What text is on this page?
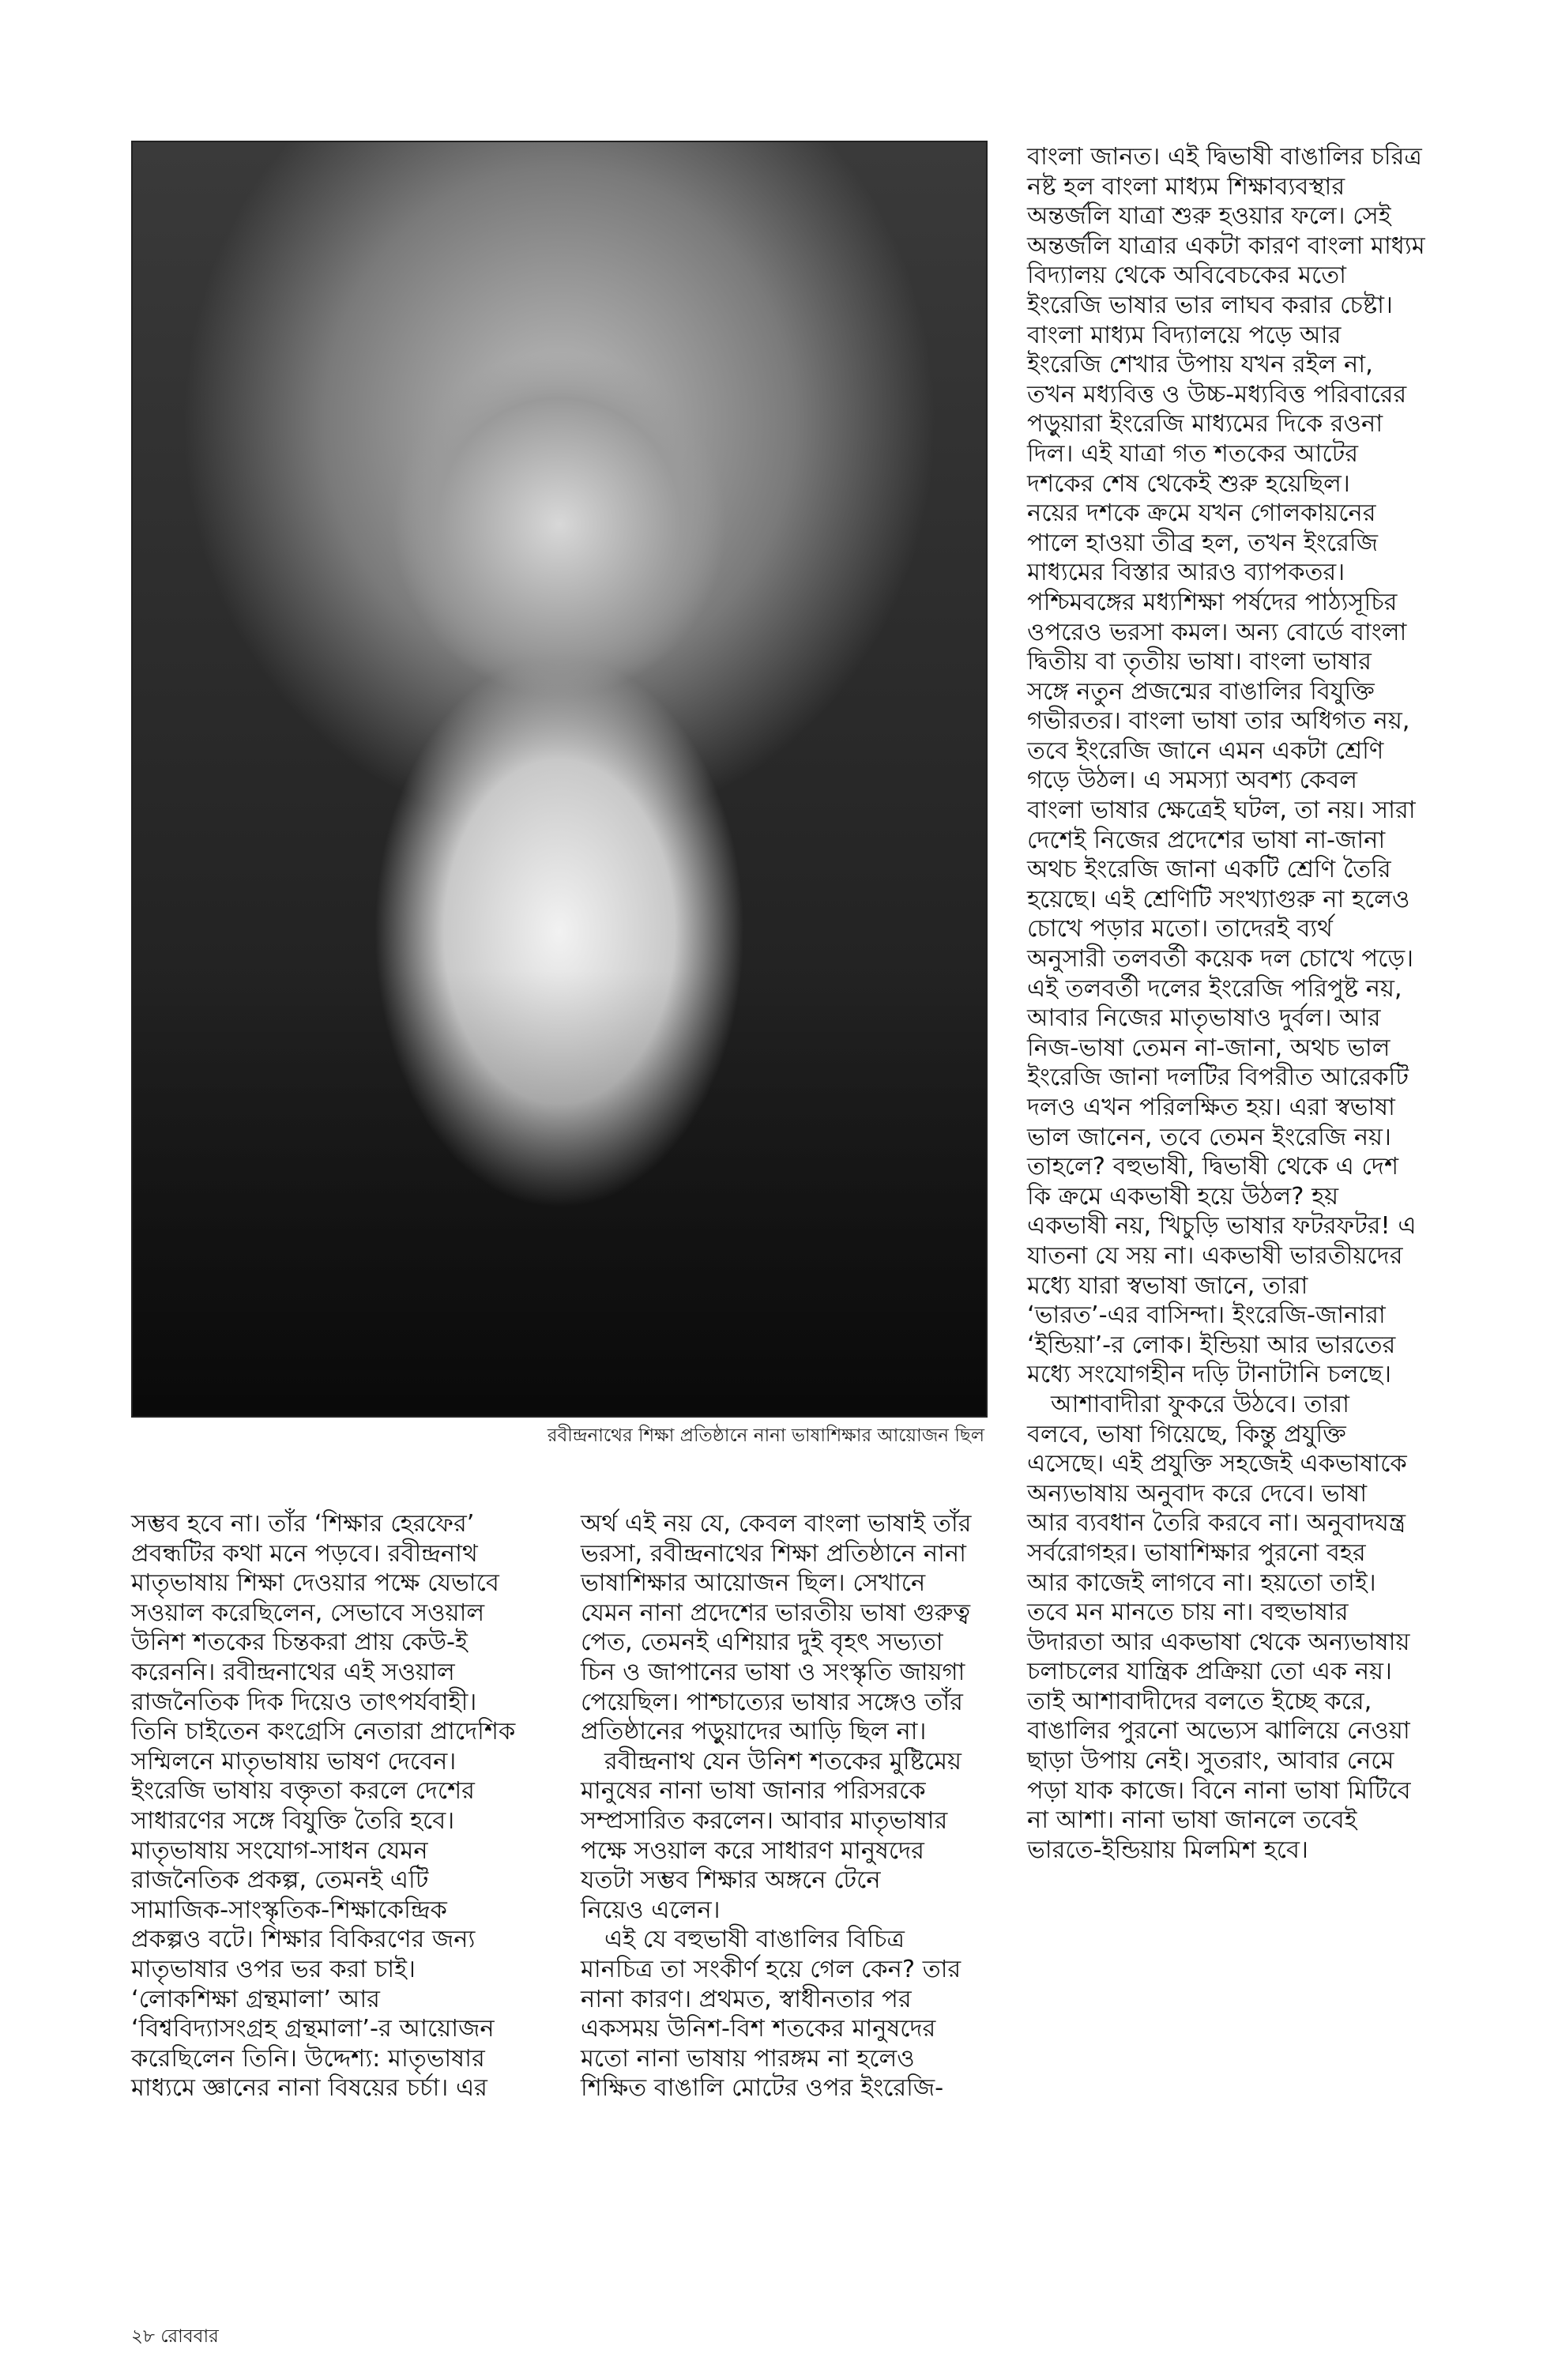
রবীন্দ্রনাথের শিক্ষা প্রতিষ্ঠানে নানা ভাষাশিক্ষার আয়োজন ছিল
বাংলা জানত। এই দ্বিভাষী বাঙালির চরিত্র
নষ্ট হল বাংলা মাধ্যম শিক্ষাব্যবস্থার
অন্তর্জলি যাত্রা শুরু হওয়ার ফলে। সেই
অন্তর্জলি যাত্রার একটা কারণ বাংলা মাধ্যম
বিদ্যালয় থেকে অবিবেচকের মতো
ইংরেজি ভাষার ভার লাঘব করার চেষ্টা।
বাংলা মাধ্যম বিদ্যালয়ে পড়ে আর
ইংরেজি শেখার উপায় যখন রইল না,
তখন মধ্যবিত্ত ও উচ্চ-মধ্যবিত্ত পরিবারের
পড়ুয়ারা ইংরেজি মাধ্যমের দিকে রওনা
দিল। এই যাত্রা গত শতকের আটের
দশকের শেষ থেকেই শুরু হয়েছিল।
নয়ের দশকে ক্রমে যখন গোলকায়নের
পালে হাওয়া তীব্র হল, তখন ইংরেজি
মাধ্যমের বিস্তার আরও ব্যাপকতর।
পশ্চিমবঙ্গের মধ্যশিক্ষা পর্ষদের পাঠ্যসূচির
ওপরেও ভরসা কমল। অন্য বোর্ডে বাংলা
দ্বিতীয় বা তৃতীয় ভাষা। বাংলা ভাষার
সঙ্গে নতুন প্রজন্মের বাঙালির বিযুক্তি
গভীরতর। বাংলা ভাষা তার অধিগত নয়,
তবে ইংরেজি জানে এমন একটা শ্রেণি
গড়ে উঠল। এ সমস্যা অবশ্য কেবল
বাংলা ভাষার ক্ষেত্রেই ঘটল, তা নয়। সারা
দেশেই নিজের প্রদেশের ভাষা না-জানা
অথচ ইংরেজি জানা একটি শ্রেণি তৈরি
হয়েছে। এই শ্রেণিটি সংখ্যাগুরু না হলেও
চোখে পড়ার মতো। তাদেরই ব্যর্থ
অনুসারী তলবর্তী কয়েক দল চোখে পড়ে।
এই তলবর্তী দলের ইংরেজি পরিপুষ্ট নয়,
আবার নিজের মাতৃভাষাও দুর্বল। আর
নিজ-ভাষা তেমন না-জানা, অথচ ভাল
ইংরেজি জানা দলটির বিপরীত আরেকটি
দলও এখন পরিলক্ষিত হয়। এরা স্বভাষা
ভাল জানেন, তবে তেমন ইংরেজি নয়।
তাহলে? বহুভাষী, দ্বিভাষী থেকে এ দেশ
কি ক্রমে একভাষী হয়ে উঠল? হয়
একভাষী নয়, খিচুড়ি ভাষার ফটরফটর! এ
যাতনা যে সয় না। একভাষী ভারতীয়দের
মধ্যে যারা স্বভাষা জানে, তারা
‘ভারত’-এর বাসিন্দা। ইংরেজি-জানারা
‘ইন্ডিয়া’-র লোক। ইন্ডিয়া আর ভারতের
মধ্যে সংযোগহীন দড়ি টানাটানি চলছে।
আশাবাদীরা ফুকরে উঠবে। তারা
বলবে, ভাষা গিয়েছে, কিন্তু প্রযুক্তি
এসেছে। এই প্রযুক্তি সহজেই একভাষাকে
অন্যভাষায় অনুবাদ করে দেবে। ভাষা
আর ব্যবধান তৈরি করবে না। অনুবাদযন্ত্র
সর্বরোগহর। ভাষাশিক্ষার পুরনো বহর
আর কাজেই লাগবে না। হয়তো তাই।
তবে মন মানতে চায় না। বহুভাষার
উদারতা আর একভাষা থেকে অন্যভাষায়
চলাচলের যান্ত্রিক প্রক্রিয়া তো এক নয়।
তাই আশাবাদীদের বলতে ইচ্ছে করে,
বাঙালির পুরনো অভ্যেস ঝালিয়ে নেওয়া
ছাড়া উপায় নেই। সুতরাং, আবার নেমে
পড়া যাক কাজে। বিনে নানা ভাষা মিটিবে
না আশা। নানা ভাষা জানলে তবেই
ভারতে-ইন্ডিয়ায় মিলমিশ হবে।
সম্ভব হবে না। তাঁর ‘শিক্ষার হেরফের’
প্রবন্ধটির কথা মনে পড়বে। রবীন্দ্রনাথ
মাতৃভাষায় শিক্ষা দেওয়ার পক্ষে যেভাবে
সওয়াল করেছিলেন, সেভাবে সওয়াল
উনিশ শতকের চিন্তকরা প্রায় কেউ-ই
করেননি। রবীন্দ্রনাথের এই সওয়াল
রাজনৈতিক দিক দিয়েও তাৎপর্যবাহী।
তিনি চাইতেন কংগ্রেসি নেতারা প্রাদেশিক
সম্মিলনে মাতৃভাষায় ভাষণ দেবেন।
ইংরেজি ভাষায় বক্তৃতা করলে দেশের
সাধারণের সঙ্গে বিযুক্তি তৈরি হবে।
মাতৃভাষায় সংযোগ-সাধন যেমন
রাজনৈতিক প্রকল্প, তেমনই এটি
সামাজিক-সাংস্কৃতিক-শিক্ষাকেন্দ্রিক
প্রকল্পও বটে। শিক্ষার বিকিরণের জন্য
মাতৃভাষার ওপর ভর করা চাই।
‘লোকশিক্ষা গ্রন্থমালা’ আর
‘বিশ্ববিদ্যাসংগ্রহ গ্রন্থমালা’-র আয়োজন
করেছিলেন তিনি। উদ্দেশ্য: মাতৃভাষার
মাধ্যমে জ্ঞানের নানা বিষয়ের চর্চা। এর
অর্থ এই নয় যে, কেবল বাংলা ভাষাই তাঁর
ভরসা, রবীন্দ্রনাথের শিক্ষা প্রতিষ্ঠানে নানা
ভাষাশিক্ষার আয়োজন ছিল। সেখানে
যেমন নানা প্রদেশের ভারতীয় ভাষা গুরুত্ব
পেত, তেমনই এশিয়ার দুই বৃহৎ সভ্যতা
চিন ও জাপানের ভাষা ও সংস্কৃতি জায়গা
পেয়েছিল। পাশ্চাত্যের ভাষার সঙ্গেও তাঁর
প্রতিষ্ঠানের পড়ুয়াদের আড়ি ছিল না।
রবীন্দ্রনাথ যেন উনিশ শতকের মুষ্টিমেয়
মানুষের নানা ভাষা জানার পরিসরকে
সম্প্রসারিত করলেন। আবার মাতৃভাষার
পক্ষে সওয়াল করে সাধারণ মানুষদের
যতটা সম্ভব শিক্ষার অঙ্গনে টেনে
নিয়েও এলেন।
এই যে বহুভাষী বাঙালির বিচিত্র
মানচিত্র তা সংকীর্ণ হয়ে গেল কেন? তার
নানা কারণ। প্রথমত, স্বাধীনতার পর
একসময় উনিশ-বিশ শতকের মানুষদের
মতো নানা ভাষায় পারঙ্গম না হলেও
শিক্ষিত বাঙালি মোটের ওপর ইংরেজি-
২৮ রোববার
